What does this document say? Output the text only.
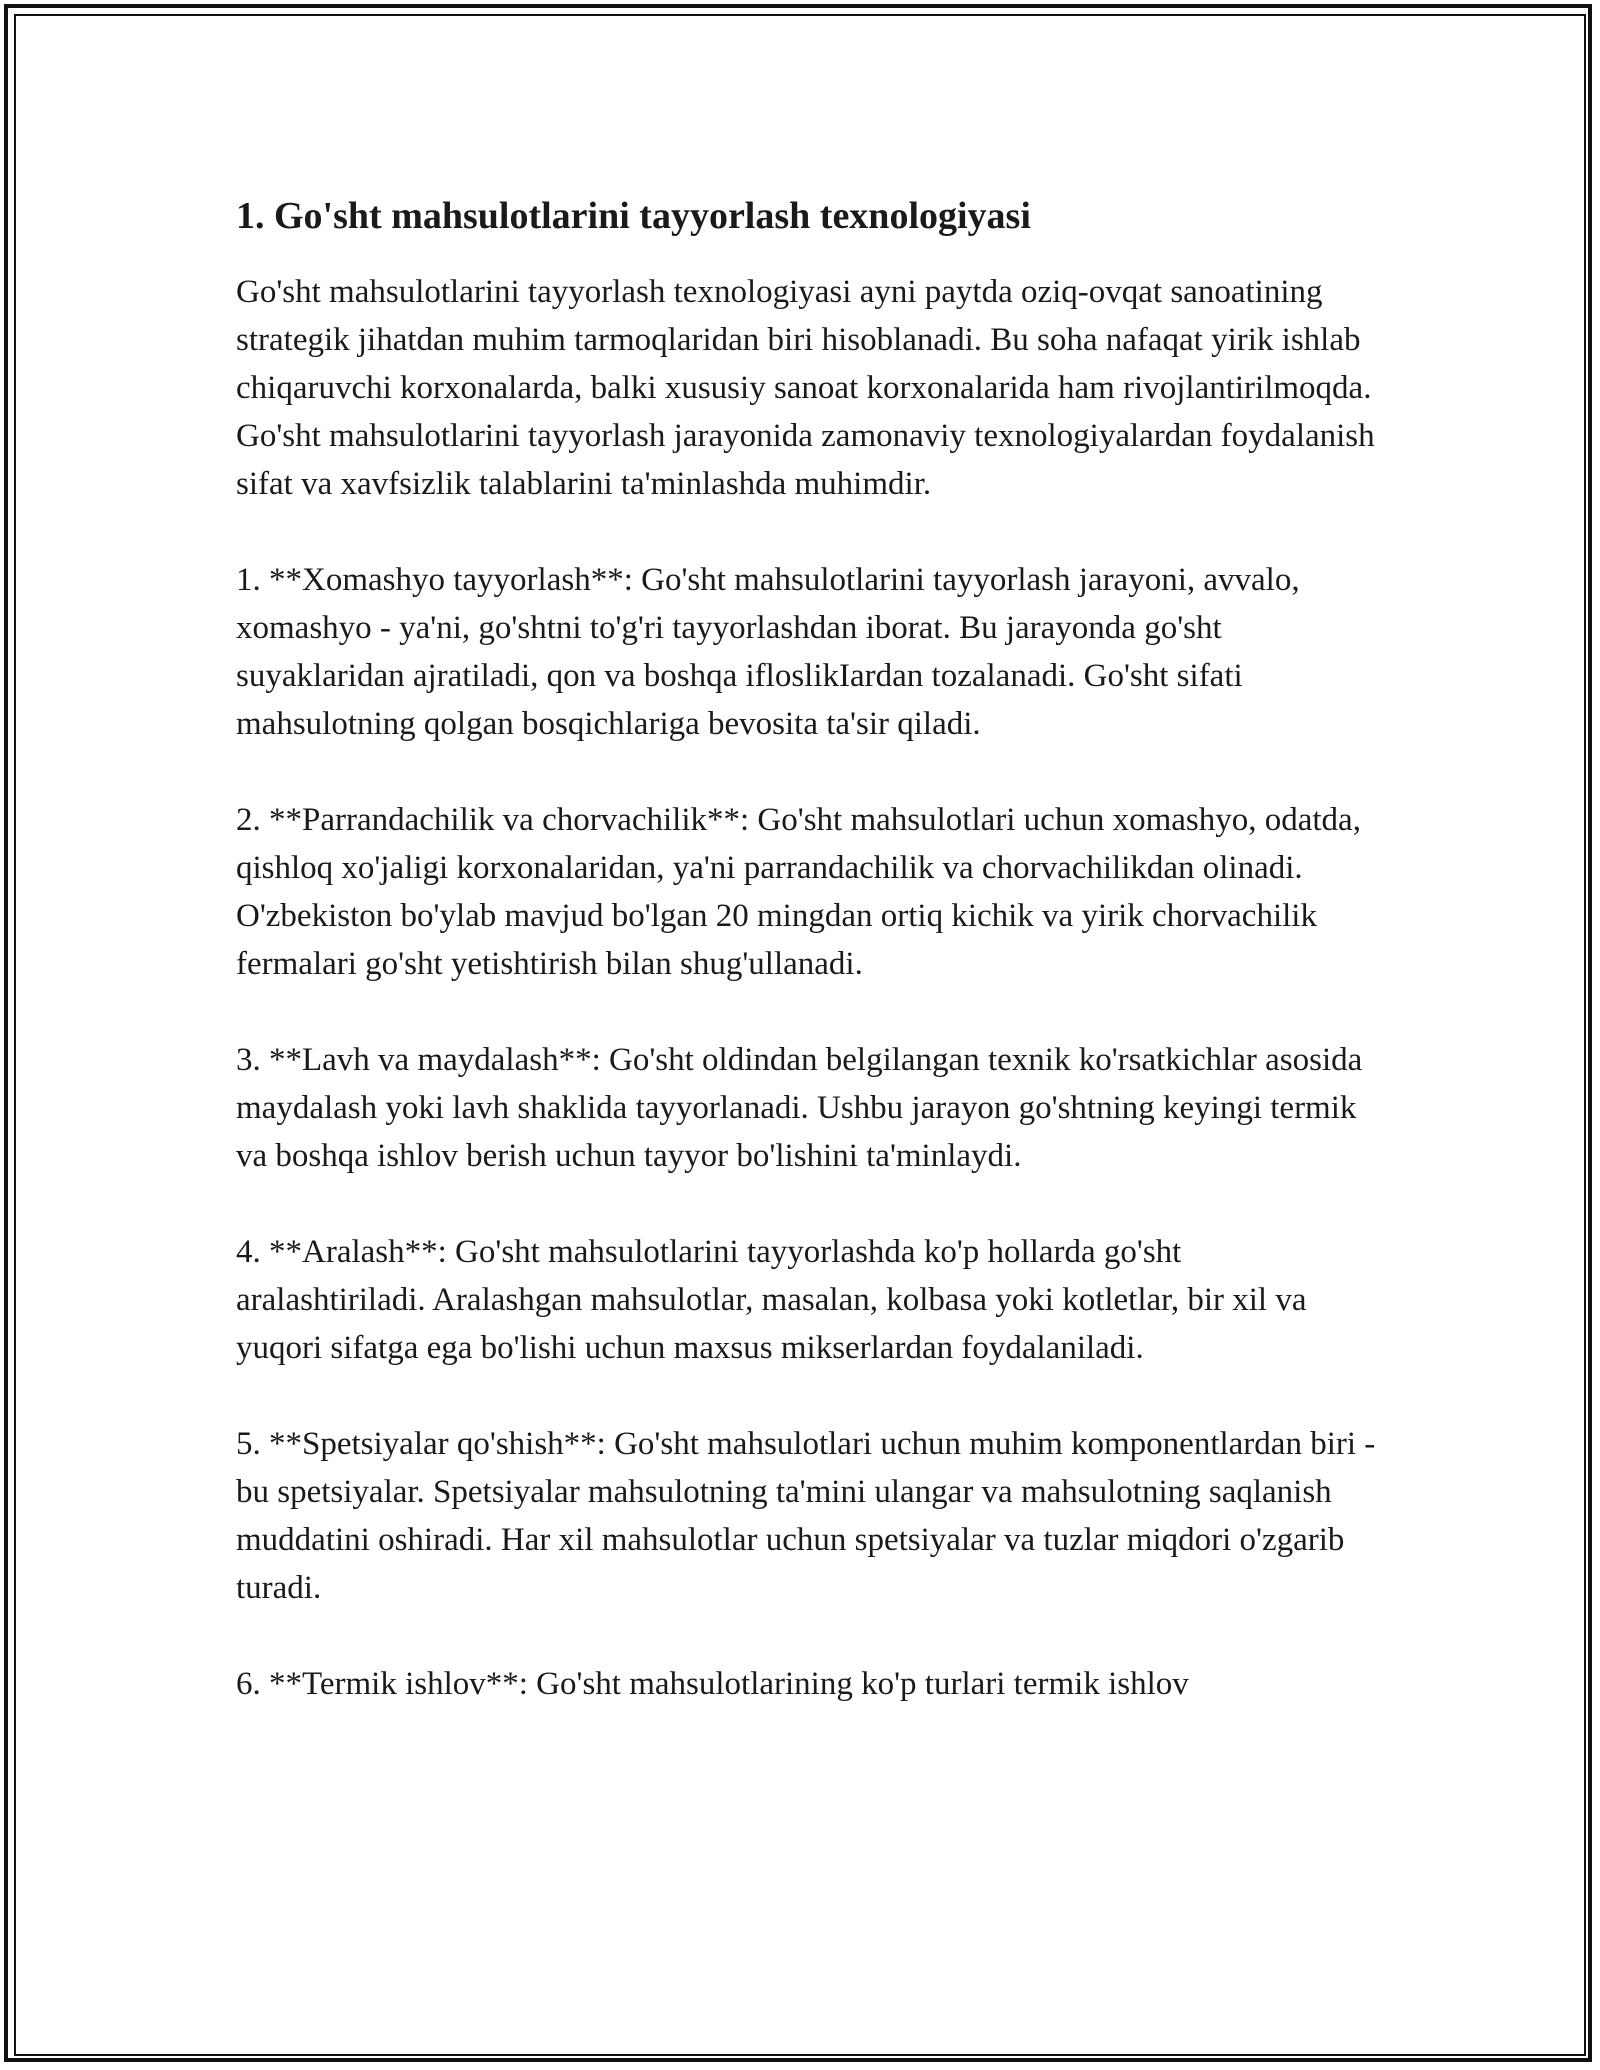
1. Go'sht mahsulotlarini tayyorlash texnologiyasi

Go'sht mahsulotlarini tayyorlash texnologiyasi ayni paytda oziq-ovqat sanoatining strategik jihatdan muhim tarmoqlaridan biri hisoblanadi. Bu soha nafaqat yirik ishlab chiqaruvchi korxonalarda, balki xususiy sanoat korxonalarida ham rivojlantirilmoqda. Go'sht mahsulotlarini tayyorlash jarayonida zamonaviy texnologiyalardan foydalanish sifat va xavfsizlik talablarini ta'minlashda muhimdir.

1. **Xomashyo tayyorlash**: Go'sht mahsulotlarini tayyorlash jarayoni, avvalo, xomashyo - ya'ni, go'shtni to'g'ri tayyorlashdan iborat. Bu jarayonda go'sht suyaklaridan ajratiladi, qon va boshqa ifloslikIardan tozalanadi. Go'sht sifati mahsulotning qolgan bosqichlariga bevosita ta'sir qiladi.

2. **Parrandachilik va chorvachilik**: Go'sht mahsulotlari uchun xomashyo, odatda, qishloq xo'jaligi korxonalaridan, ya'ni parrandachilik va chorvachilikdan olinadi. O'zbekiston bo'ylab mavjud bo'lgan 20 mingdan ortiq kichik va yirik chorvachilik fermalari go'sht yetishtirish bilan shug'ullanadi.

3. **Lavh va maydalash**: Go'sht oldindan belgilangan texnik ko'rsatkichlar asosida maydalash yoki lavh shaklida tayyorlanadi. Ushbu jarayon go'shtning keyingi termik va boshqa ishlov berish uchun tayyor bo'lishini ta'minlaydi.

4. **Aralash**: Go'sht mahsulotlarini tayyorlashda ko'p hollarda go'sht aralashtiriladi. Aralashgan mahsulotlar, masalan, kolbasa yoki kotletlar, bir xil va yuqori sifatga ega bo'lishi uchun maxsus mikserlardan foydalaniladi.

5. **Spetsiyalar qo'shish**: Go'sht mahsulotlari uchun muhim komponentlardan biri - bu spetsiyalar. Spetsiyalar mahsulotning ta'mini ulangar va mahsulotning saqlanish muddatini oshiradi. Har xil mahsulotlar uchun spetsiyalar va tuzlar miqdori o'zgarib turadi.

6. **Termik ishlov**: Go'sht mahsulotlarining ko'p turlari termik ishlov
